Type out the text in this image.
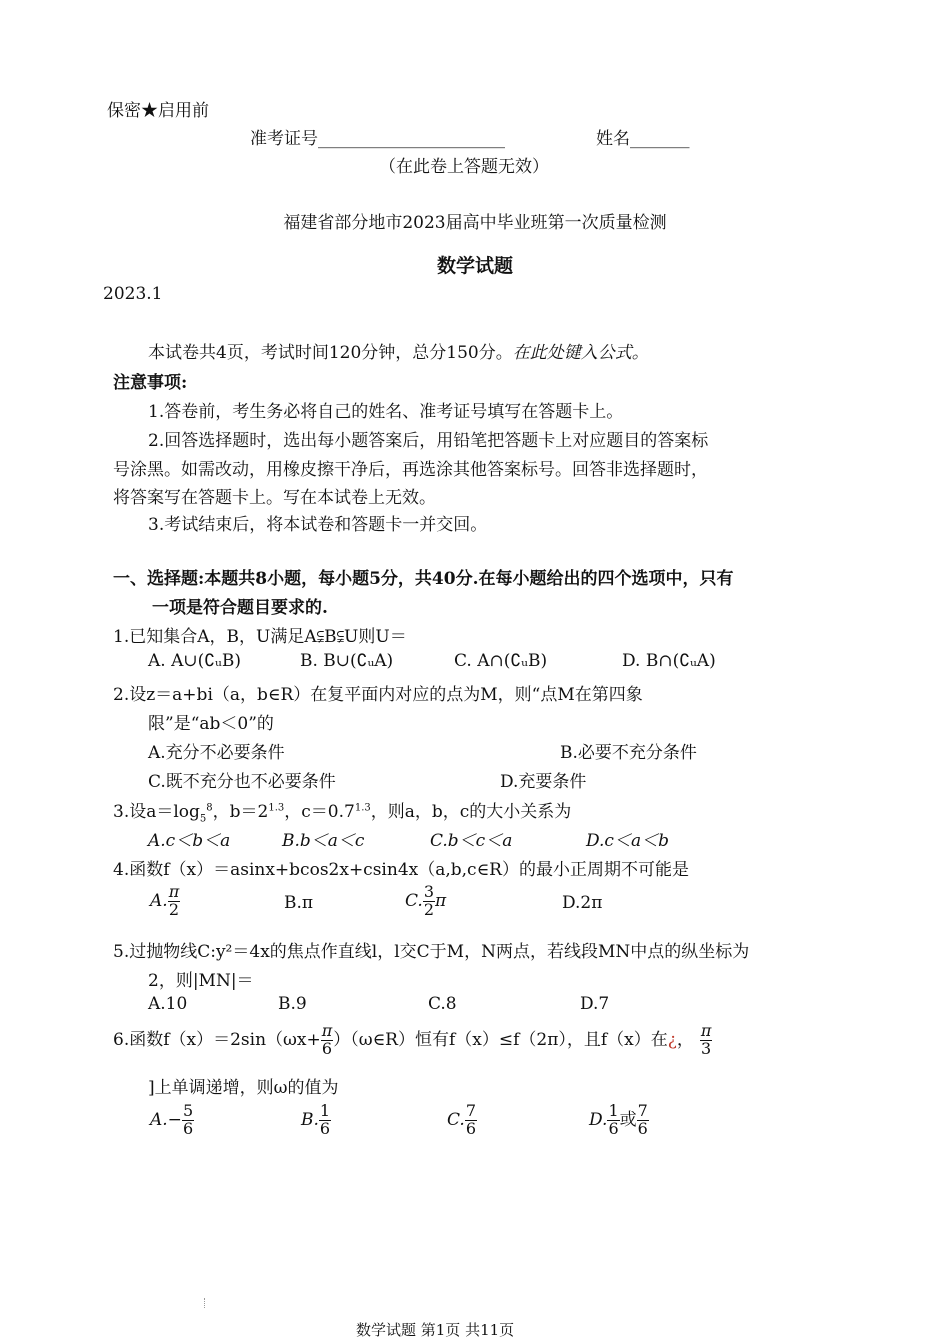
保密★启用前
准考证号______________________	姓名_______
（在此卷上答题无效）
福建省部分地市2023届高中毕业班第一次质量检测
数学试题
2023.1
本试卷共4页，考试时间120分钟，总分150分。在此处键入公式。
注意事项:
1.答卷前，考生务必将自己的姓名、准考证号填写在答题卡上。
2.回答选择题时，选出每小题答案后，用铅笔把答题卡上对应题目的答案标
号涂黑。如需改动，用橡皮擦干净后，再选涂其他答案标号。回答非选择题时，
将答案写在答题卡上。写在本试卷上无效。
3.考试结束后，将本试卷和答题卡一并交回。
一、选择题:本题共8小题，每小题5分，共40分.在每小题给出的四个选项中，只有
一项是符合题目要求的.
1.已知集合A，B，U满足A⫋B⫋U则U＝
A. A∪(∁ᵤB)	B. B∪(∁ᵤA)	C. A∩(∁ᵤB)	D. B∩(∁ᵤA)
2.设z＝a+bi（a，b∈R）在复平面内对应的点为M，则“点M在第四象
限”是“ab＜0”的
A.充分不必要条件	B.必要不充分条件
C.既不充分也不必要条件	D.充要条件
3.设$a=\log_5^8$，$b=2^{1.3}$，$c=0.7^{1.3}$，则a，b，c的大小关系为
A.c＜b＜a	B.b＜a＜c	C.b＜c＜a	D.c＜a＜b
4.函数f（x）＝asinx+bcos2x+csin4x（a,b,c∈R）的最小正周期不可能是
A. $\frac{\pi}{2}$	B.π	C. $\frac{3}{2}$ π	D.2π
5.过抛物线C:y²＝4x的焦点作直线l，l交C于M，N两点，若线段MN中点的纵坐标为
2，则|MN|＝
A.10	B.9	C.8	D.7
6.函数$f(x)=2\sin(\omega x+ \frac{\pi}{6}$ ）（ω∈R）恒有f（x）≤f（2π），且f（x）在¿， $\frac{\pi}{3}$
]上单调递增，则ω的值为
$A.- \frac{5}{6}$	B. $\frac{1}{6}$	C. $\frac{7}{6}$	D. $\frac{1}{6}$ 或 $\frac{7}{6}$
数学试题 第1页 共11页
